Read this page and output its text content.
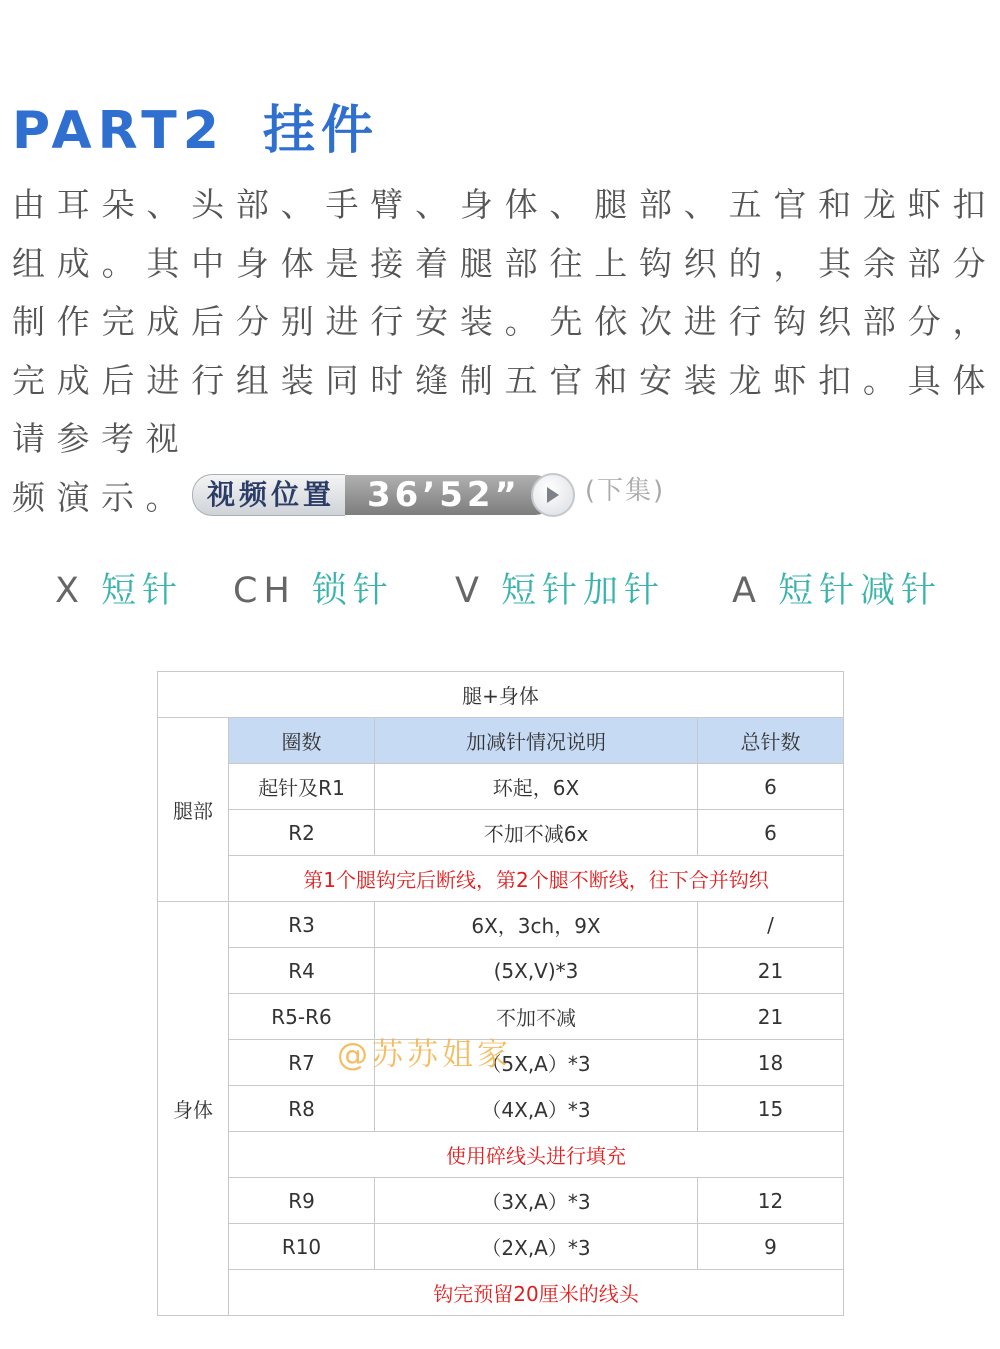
PART2 挂件
由耳朵、头部、手臂、身体、腿部、五官和龙虾扣组成。其中身体是接着腿部往上钩织的，其余部分制作完成后分别进行安装。先依次进行钩织部分，完成后进行组装同时缝制五官和安装龙虾扣。具体请参考视
频演示。 视频位置 36’52”	$^{(下集)}$
X 短针 CH 锁针 V 短针加针 A 短针减针
腿+身体			
腿部	圈数	加减针情况说明	总针数
	起针及R1	环起，6X	6
	R2	不加不减6x	6
	第1个腿钩完后断线，第2个腿不断线，往下合并钩织		
身体	R3	6X，3ch，9X	/
	R4	(5X,V)*3	21
	R5-R6	不加不减	21
	R7	（5X,A）*3	18
	R8	（4X,A）*3	15
	使用碎线头进行填充		
	R9	（3X,A）*3	12
	R10	（2X,A）*3	9
	钩完预留20厘米的线头		
@苏苏姐家
